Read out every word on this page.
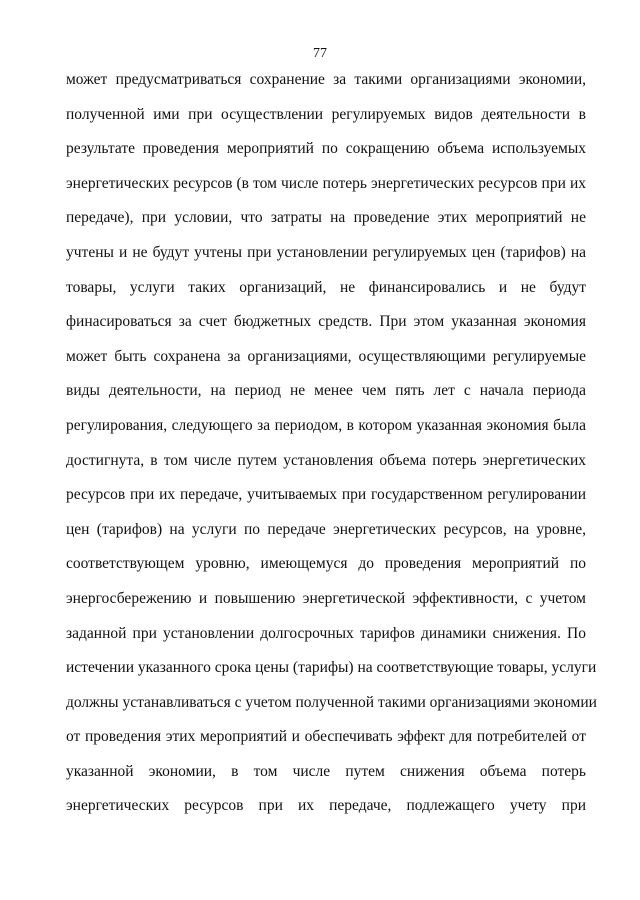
77
может предусматриваться сохранение за такими организациями экономии,
полученной ими при осуществлении регулируемых видов деятельности в
результате проведения мероприятий по сокращению объема используемых
энергетических ресурсов (в том числе потерь энергетических ресурсов при их
передаче), при условии, что затраты на проведение этих мероприятий не
учтены и не будут учтены при установлении регулируемых цен (тарифов) на
товары, услуги таких организаций, не финансировались и не будут
финасироваться за счет бюджетных средств. При этом указанная экономия
может быть сохранена за организациями, осуществляющими регулируемые
виды деятельности, на период не менее чем пять лет с начала периода
регулирования, следующего за периодом, в котором указанная экономия была
достигнута, в том числе путем установления объема потерь энергетических
ресурсов при их передаче, учитываемых при государственном регулировании
цен (тарифов) на услуги по передаче энергетических ресурсов, на уровне,
соответствующем уровню, имеющемуся до проведения мероприятий по
энергосбережению и повышению энергетической эффективности, с учетом
заданной при установлении долгосрочных тарифов динамики снижения. По
истечении указанного срока цены (тарифы) на соответствующие товары, услуги
должны устанавливаться с учетом полученной такими организациями экономии
от проведения этих мероприятий и обеспечивать эффект для потребителей от
указанной экономии, в том числе путем снижения объема потерь
энергетических ресурсов при их передаче, подлежащего учету при
